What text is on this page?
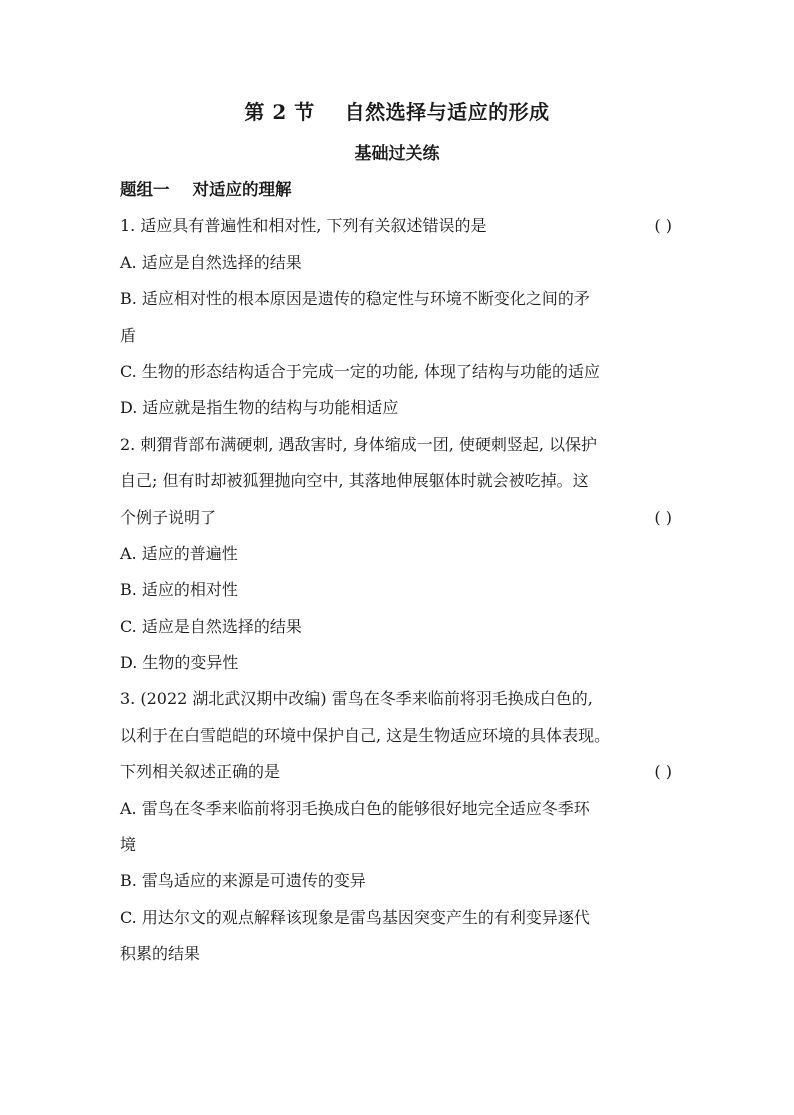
第 2 节    自然选择与适应的形成
基础过关练
题组一    对适应的理解
1. 适应具有普遍性和相对性, 下列有关叙述错误的是	( )
A. 适应是自然选择的结果
B. 适应相对性的根本原因是遗传的稳定性与环境不断变化之间的矛
盾
C. 生物的形态结构适合于完成一定的功能, 体现了结构与功能的适应
D. 适应就是指生物的结构与功能相适应
2. 刺猬背部布满硬刺, 遇敌害时, 身体缩成一团, 使硬刺竖起, 以保护
自己; 但有时却被狐狸抛向空中, 其落地伸展躯体时就会被吃掉。这
个例子说明了	( )
A. 适应的普遍性
B. 适应的相对性
C. 适应是自然选择的结果
D. 生物的变异性
3. (2022 湖北武汉期中改编) 雷鸟在冬季来临前将羽毛换成白色的,
以利于在白雪皑皑的环境中保护自己, 这是生物适应环境的具体表现。
下列相关叙述正确的是	( )
A. 雷鸟在冬季来临前将羽毛换成白色的能够很好地完全适应冬季环
境
B. 雷鸟适应的来源是可遗传的变异
C. 用达尔文的观点解释该现象是雷鸟基因突变产生的有利变异逐代
积累的结果
